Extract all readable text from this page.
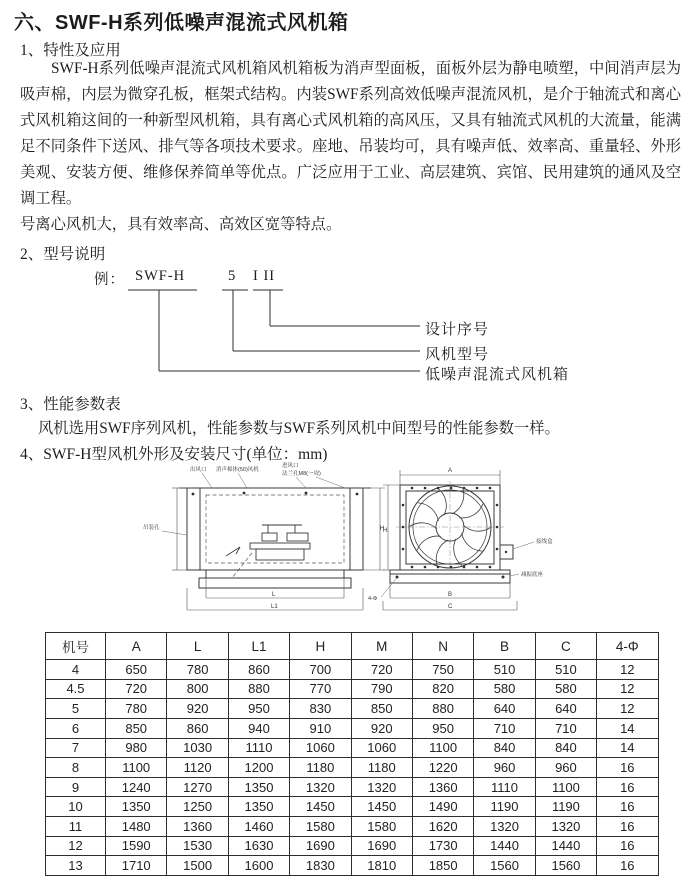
六、SWF-H系列低噪声混流式风机箱
1、特性及应用
SWF-H系列低噪声混流式风机箱风机箱板为消声型面板，面板外层为静电喷塑，中间消声层为吸声棉，内层为微穿孔板，框架式结构。内装SWF系列高效低噪声混流风机，是介于轴流式和离心式风机箱这间的一种新型风机箱，具有离心式风机箱的高风压，又具有轴流式风机的大流量，能满足不同条件下送风、排气等各项技术要求。座地、吊装均可，具有噪声低、效率高、重量轻、外形美观、安装方便、维修保养简单等优点。广泛应用于工业、高层建筑、宾馆、民用建筑的通风及空调工程。
号离心风机大，具有效率高、高效区宽等特点。
2、型号说明
例： SWF-H	5 I II
设计序号
风机型号
低噪声混流式风机箱
3、性能参数表
风机选用SWF序列风机，性能参数与SWF系列风机中间型号的性能参数一样。
4、SWF-H型风机外形及安装尺寸(单位：mm)
出风口 消声棉体(50)风机
进风口
法兰孔M8(一周)
吊装孔	H
L
L1
接线盒
减振底座
4-Φ
A
H
B
C
机号	A	L	L1	H	M	N	B	C	4-Φ
4	650	780	860	700	720	750	510	510	12
4.5	720	800	880	770	790	820	580	580	12
5	780	920	950	830	850	880	640	640	12
6	850	860	940	910	920	950	710	710	14
7	980	1030	1110	1060	1060	1100	840	840	14
8	1100	1120	1200	1180	1180	1220	960	960	16
9	1240	1270	1350	1320	1320	1360	1110	1100	16
10	1350	1250	1350	1450	1450	1490	1190	1190	16
11	1480	1360	1460	1580	1580	1620	1320	1320	16
12	1590	1530	1630	1690	1690	1730	1440	1440	16
13	1710	1500	1600	1830	1810	1850	1560	1560	16
